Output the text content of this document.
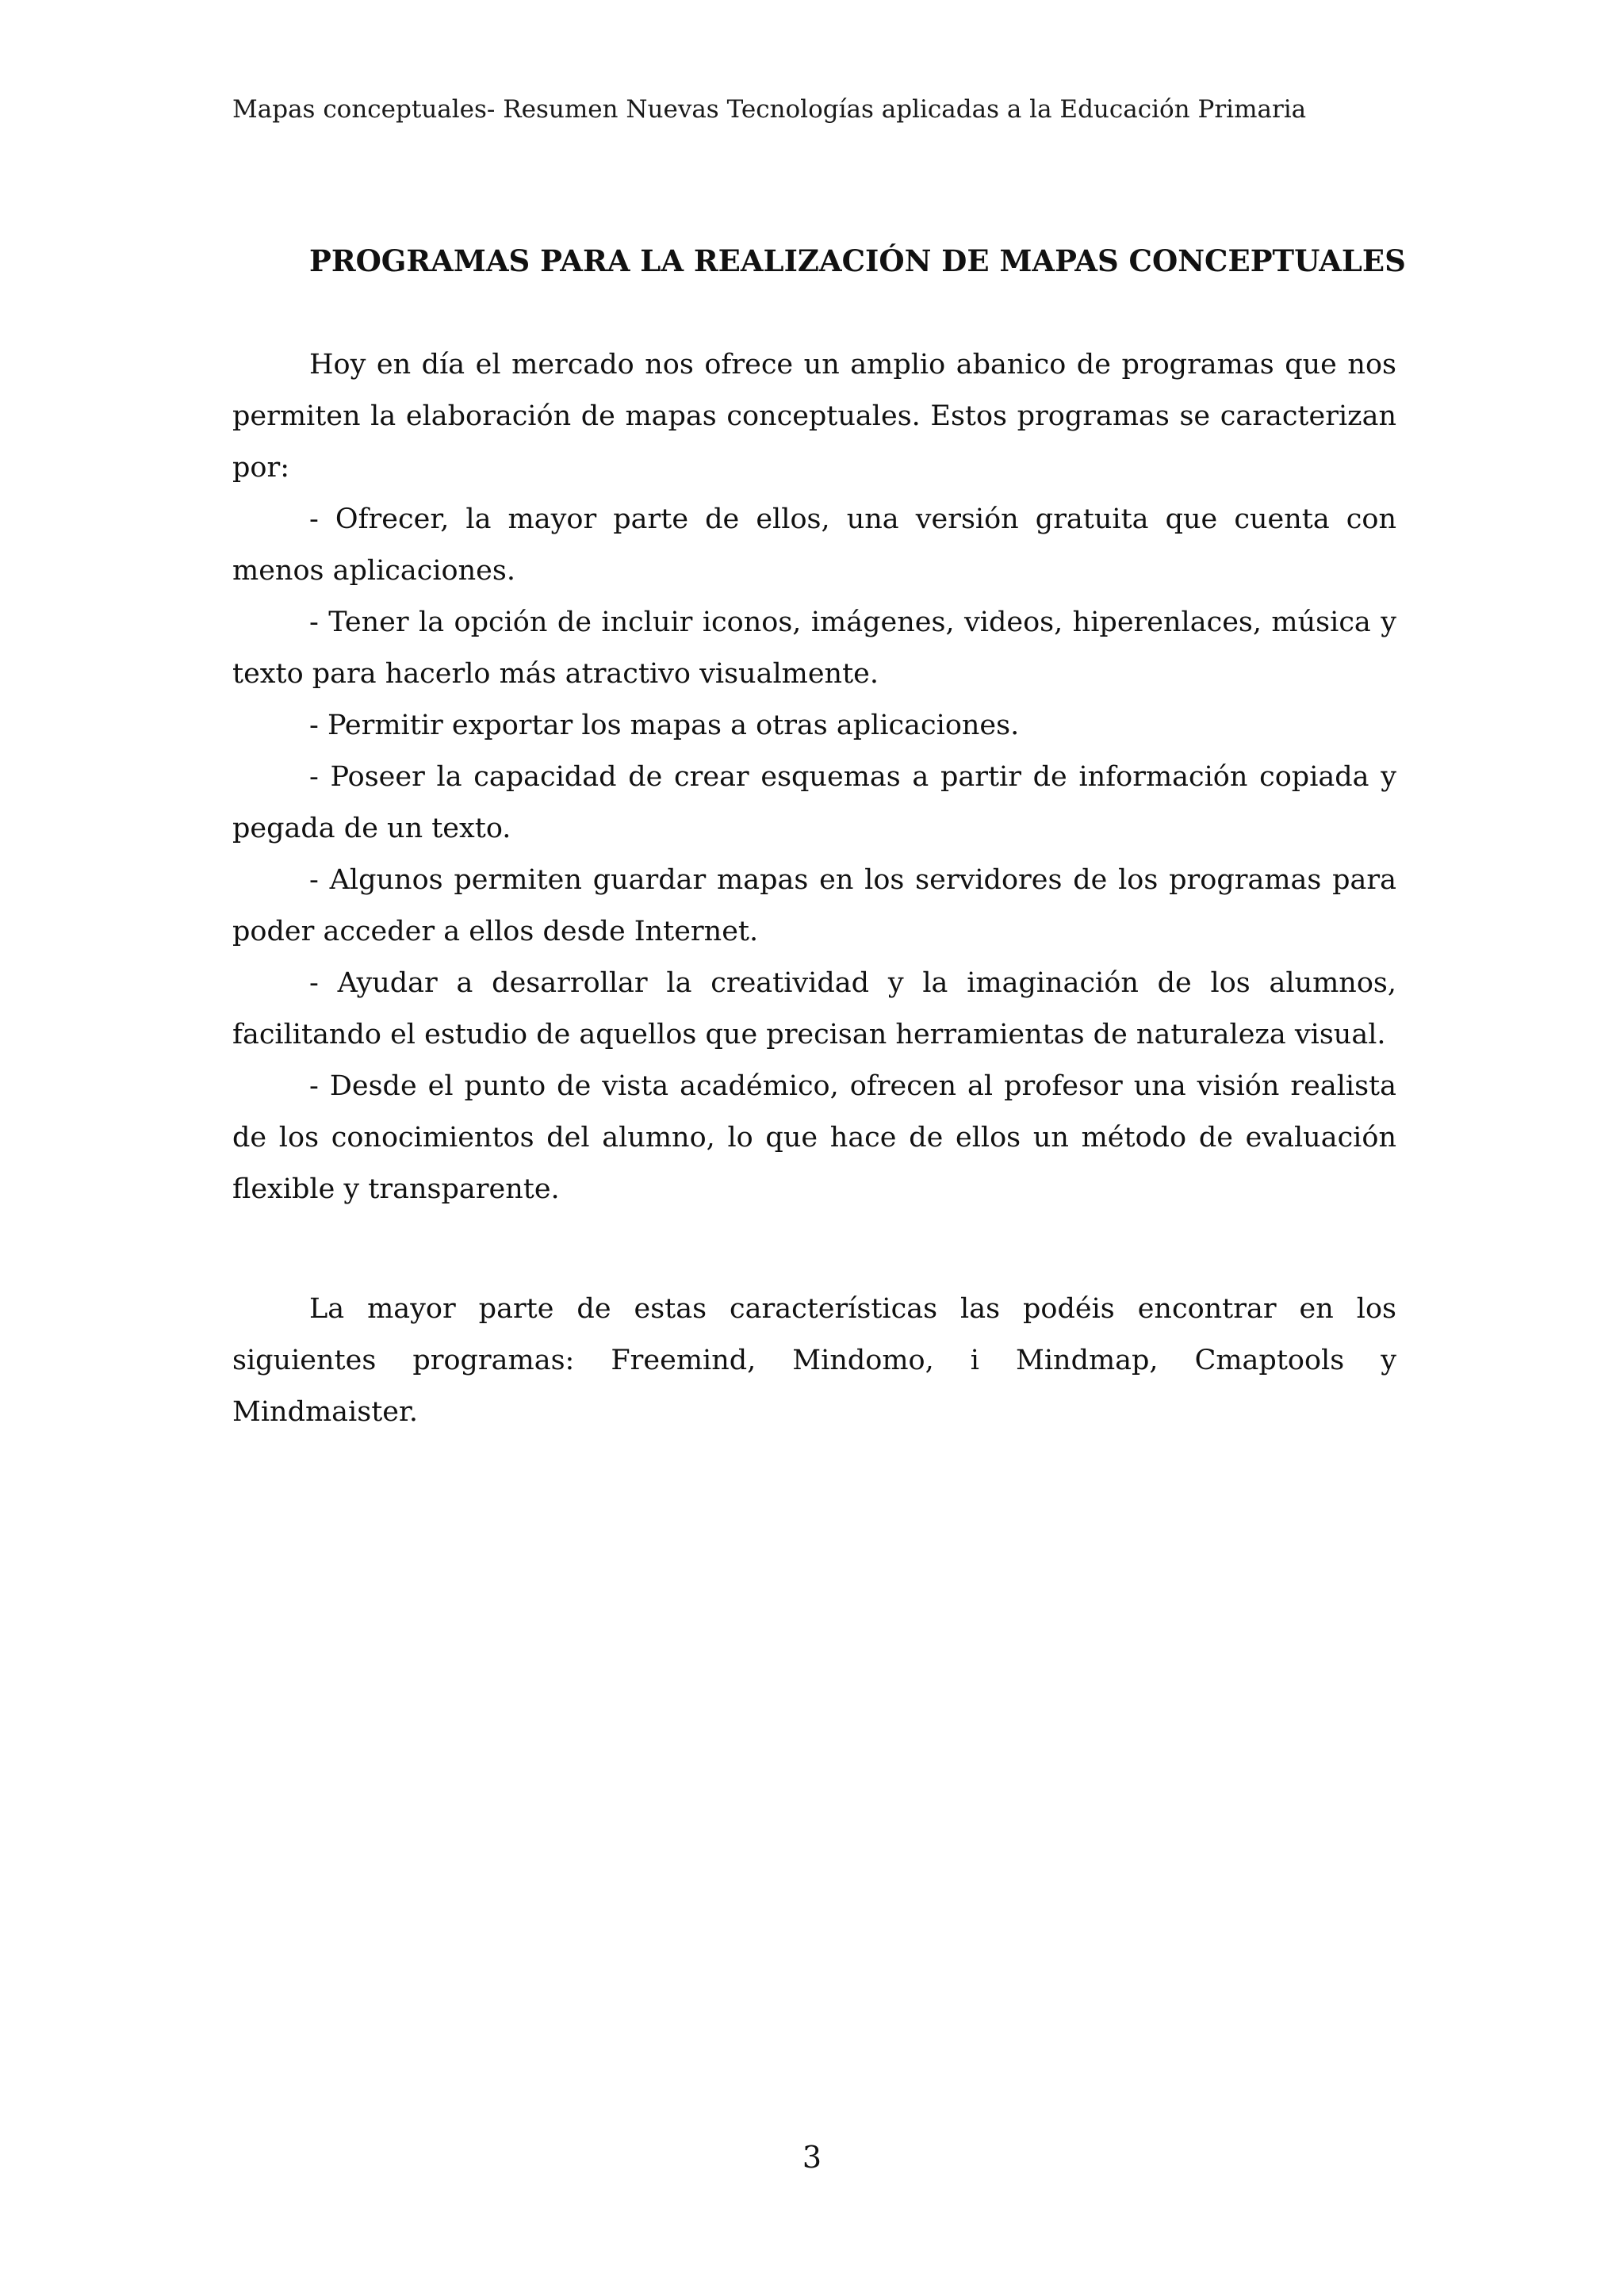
Mapas conceptuales- Resumen Nuevas Tecnologías aplicadas a la Educación Primaria
PROGRAMAS PARA LA REALIZACIÓN DE MAPAS CONCEPTUALES

Hoy en día el mercado nos ofrece un amplio abanico de programas que nos permiten la elaboración de mapas conceptuales. Estos programas se caracterizan por:

- Ofrecer, la mayor parte de ellos, una versión gratuita que cuenta con menos aplicaciones.

- Tener la opción de incluir iconos, imágenes, videos, hiperenlaces, música y texto para hacerlo más atractivo visualmente.

- Permitir exportar los mapas a otras aplicaciones.

- Poseer la capacidad de crear esquemas a partir de información copiada y pegada de un texto.

- Algunos permiten guardar mapas en los servidores de los programas para poder acceder a ellos desde Internet.

- Ayudar a desarrollar la creatividad y la imaginación de los alumnos, facilitando el estudio de aquellos que precisan herramientas de naturaleza visual.

- Desde el punto de vista académico, ofrecen al profesor una visión realista de los conocimientos del alumno, lo que hace de ellos un método de evaluación flexible y transparente.

La mayor parte de estas características las podéis encontrar en los siguientes programas: Freemind, Mindomo, i Mindmap, Cmaptools y Mindmaister.

3
